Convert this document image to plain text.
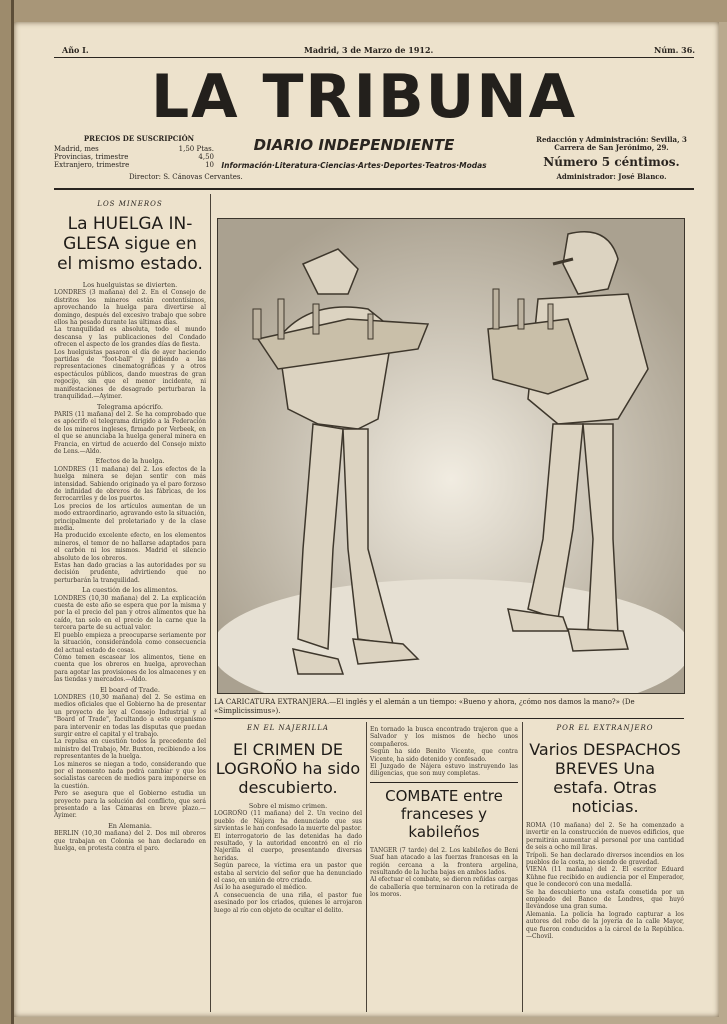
Año I.	Madrid, 3 de Marzo de 1912.	Núm. 36.
LA TRIBUNA
PRECIOS DE SUSCRIPCIÓN
Madrid, mes	1,50 Ptas.
Provincias, trimestre	4,50
Extranjero, trimestre	10
Director: S. Cánovas Cervantes.
DIARIO INDEPENDIENTE
Información·Literatura·Ciencias·Artes·Deportes·Teatros·Modas
Redacción y Administración: Sevilla, 3
Carrera de San Jerónimo, 29.
Número 5 céntimos.
Administrador: José Blanco.
LOS MINEROS
La HUELGA IN-GLESA sigue en el mismo estado.
Los huelguistas se divierten.
LONDRES (3 mañana) del 2. En el Consejo de distritos los mineros están contentísimos, aprovechando la huelga para divertirse al domingo, después del excesivo trabajo que sobre ellos ha pesado durante las últimas días.
La tranquilidad es absoluta, todo el mundo descansa y las publicaciones del Condado ofrecen el aspecto de los grandes días de fiesta.
Los huelguistas pasaron el día de ayer haciendo partidas de "foot-ball" y pidiendo a las representaciones cinematográficas y a otros espectáculos públicos, dando muestras de gran regocijo, sin que el menor incidente, ni manifestaciones de desagrado perturbaran la tranquilidad.—Ayimer.
Telegrama apócrifo.
PARIS (11 mañana) del 2. Se ha comprobado que es apócrifo el telegrama dirigido a la Federación de los mineros ingleses, firmado por Verbeek, en el que se anunciaba la huelga general minera en Francia, en virtud de acuerdo del Consejo mixto de Lens.—Aldo.
Efectos de la huelga.
LONDRES (11 mañana) del 2. Los efectos de la huelga minera se dejan sentir con más intensidad. Sabiendo originado ya el paro forzoso de infinidad de obreros de las fábricas, de los ferrocarriles y de los puertos.
Los precios de los artículos aumentan de un modo extraordinario, agravando esto la situación, principalmente del proletariado y de la clase media.
Ha producido excelente efecto, en los elementos mineros, el temor de no hallarse adaptados para el carbón ni los mismos. Madrid el silencio absoluto de los obreros.
Estas han dado gracias a las autoridades por su decisión prudente, advirtiendo que no perturbarán la tranquilidad.
La cuestión de los alimentos.
LONDRES (10,30 mañana) del 2. La explicación cuesta de este año se espera que por la misma y por la el precio del pan y otros alimentos que ha caído, tan solo en el precio de la carne que la tercera parte de su actual valor.
El pueblo empieza a preocuparse seriamente por la situación, considerándola como consecuencia del actual estado de cosas.
Cómo temen escasear los alimentos, tiene en cuenta que los obreros en huelga, aprovechan para agotar las provisiones de los almacenes y en las tiendas y mercados.—Aldo.
El board of Trade.
LONDRES (10,30 mañana) del 2. Se estima en medios oficiales que el Gobierno ha de presentar un proyecto de ley al Consejo Industrial y al "Board of Trade", facultando a este organismo para intervenir en todas las disputas que puedan surgir entre el capital y el trabajo.
La repulsa en cuestión todos la precedente del ministro del Trabajo, Mr. Buxton, recibiendo a los representantes de la huelga.
Los mineros se niegan a todo, considerando que por el momento nada podrá cambiar y que los socialistas carecen de medios para imponerse en la cuestión.
Pero se asegura que el Gobierno estudia un proyecto para la solución del conflicto, que será presentado a las Cámaras en breve plazo.—Ayimer.
En Alemania.
BERLIN (10,30 mañana) del 2. Dos mil obreros que trabajan en Colonia se han declarado en huelga, en protesta contra el paro.
LA CARICATURA EXTRANJERA.—El inglés y el alemán a un tiempo: «Bueno y ahora, ¿cómo nos damos la mano?» (De «Simplicissimus»).
EN EL NAJERILLA
El CRIMEN DE LOGROÑO ha sido descubierto.
Sobre el mismo crimen.
LOGROÑO (11 mañana) del 2. Un vecino del pueblo de Nájera ha denunciado que sus sirvientas le han confesado la muerte del pastor.
El interrogatorio de las detenidas ha dado resultado, y la autoridad encontró en el río Najerilla el cuerpo, presentando diversas heridas.
Según parece, la víctima era un pastor que estaba al servicio del señor que ha denunciado el caso, en unión de otro criado.
Así lo ha asegurado el médico.
A consecuencia de una riña, el pastor fue asesinado por los criados, quienes le arrojaron luego al río con objeto de ocultar el delito.
En tornado la busca encontrado trajeron que a Salvador y los mismos de hecho unos compañeros.
Según ha sido Benito Vicente, que contra Vicente, ha sido detenido y confesado.
El Juzgado de Nájera estuvo instruyendo las diligencias, que son muy completas.
COMBATE entre franceses y kabileños
TANGER (7 tarde) del 2. Los kabileños de Beni Suaf han atacado a las fuerzas francesas en la región cercana a la frontera argelina, resultando de la lucha bajas en ambos lados.
Al efectuar el combate, se dieron reñidas cargas de caballería que terminaron con la retirada de los moros.
POR EL EXTRANJERO
Varios DESPACHOS BREVES Una estafa. Otras noticias.
ROMA (10 mañana) del 2. Se ha comenzado a invertir en la construcción de nuevos edificios, que permitirán aumentar al personal por una cantidad de seis a ocho mil liras.
Trípoli. Se han declarado diversos incendios en los pueblos de la costa, no siendo de gravedad.
VIENA (11 mañana) del 2. El escritor Eduard Kühne fue recibido en audiencia por el Emperador, que le condecoró con una medalla.
Se ha descubierto una estafa cometida por un empleado del Banco de Londres, que huyó llevándose una gran suma.
Alemania. La policía ha logrado capturar a los autores del robo de la joyería de la calle Mayor, que fueron conducidos a la cárcel de la República.—Chovil.
